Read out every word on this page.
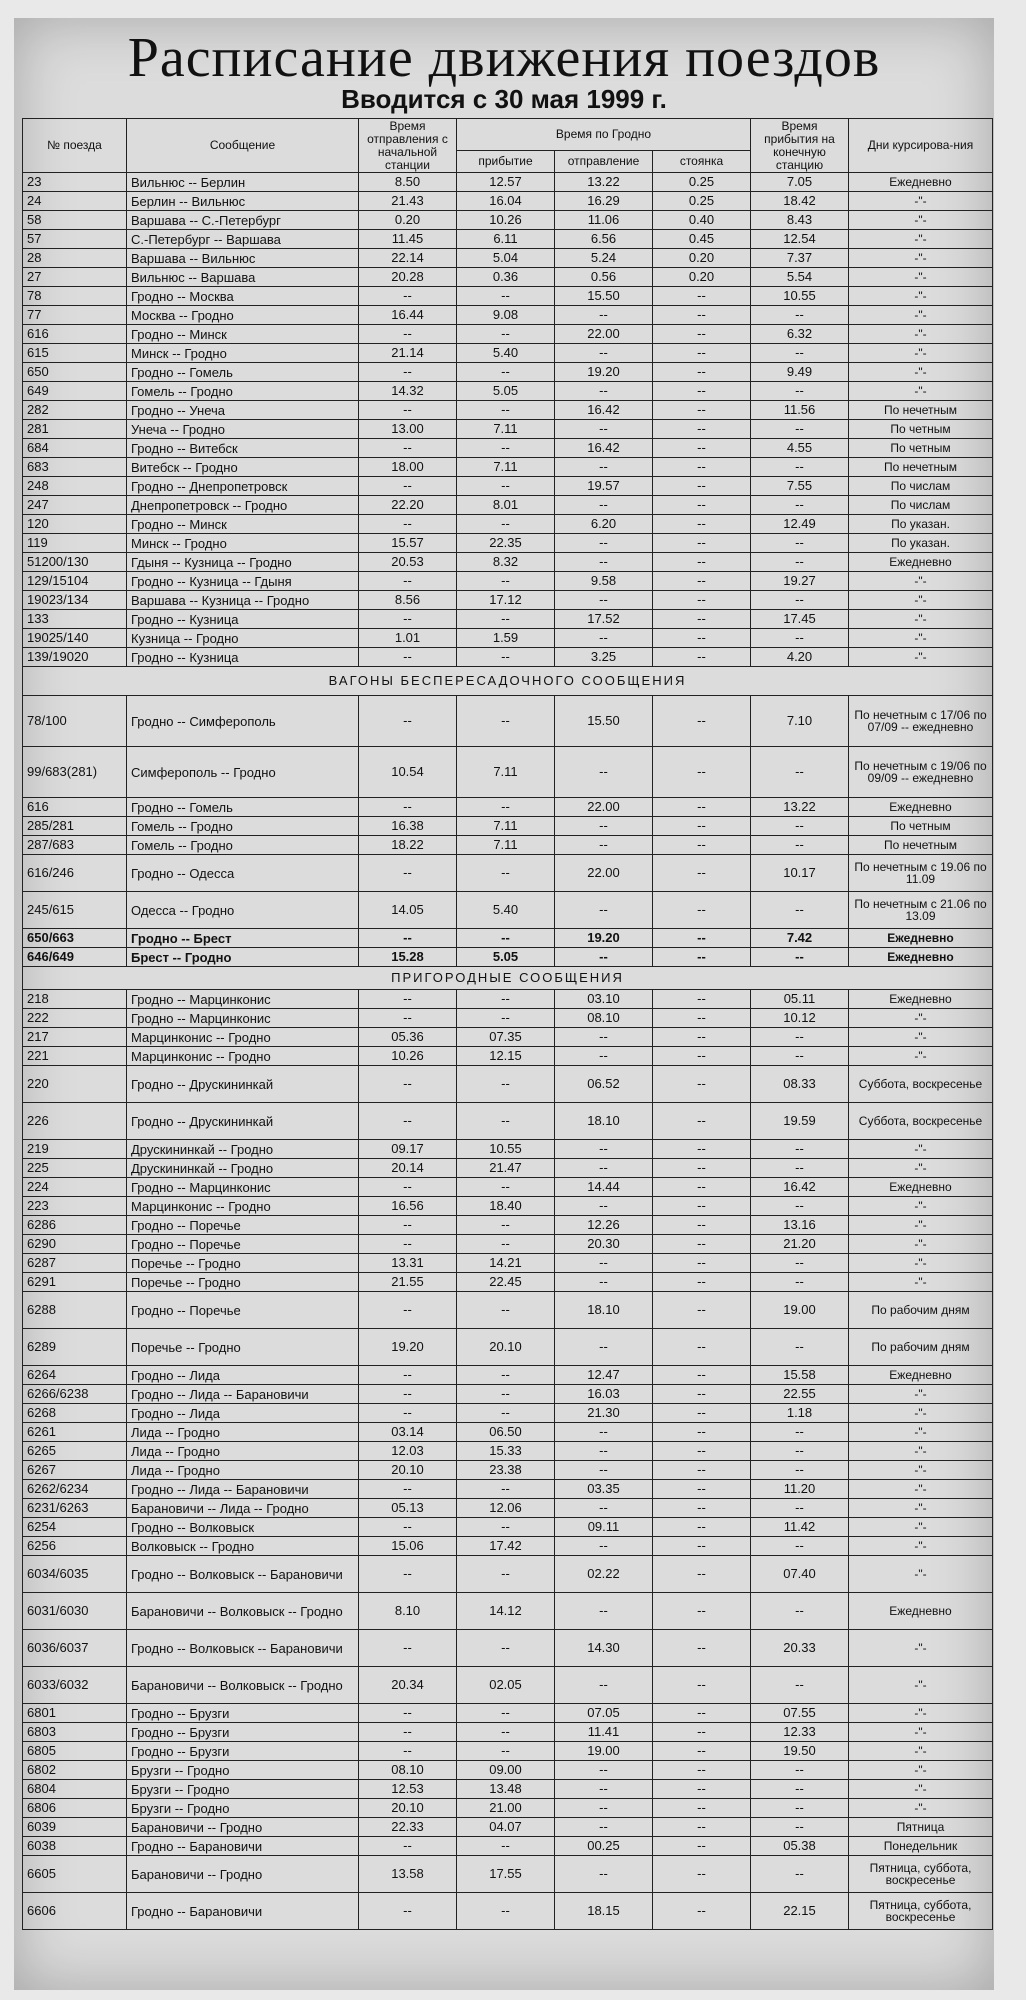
Расписание движения поездов
Вводится с 30 мая 1999 г.
№ поезда	Сообщение	Время отправления с начальной станции	Время по Гродно			Время прибытия на конечную станцию	Дни курсирова-ния
			прибытие	отправление	стоянка		
23	Вильнюс -- Берлин	8.50	12.57	13.22	0.25	7.05	Ежедневно
24	Берлин -- Вильнюс	21.43	16.04	16.29	0.25	18.42	-"-
58	Варшава -- С.-Петербург	0.20	10.26	11.06	0.40	8.43	-"-
57	С.-Петербург -- Варшава	11.45	6.11	6.56	0.45	12.54	-"-
28	Варшава -- Вильнюс	22.14	5.04	5.24	0.20	7.37	-"-
27	Вильнюс -- Варшава	20.28	0.36	0.56	0.20	5.54	-"-
78	Гродно -- Москва	--	--	15.50	--	10.55	-"-
77	Москва -- Гродно	16.44	9.08	--	--	--	-"-
616	Гродно -- Минск	--	--	22.00	--	6.32	-"-
615	Минск -- Гродно	21.14	5.40	--	--	--	-"-
650	Гродно -- Гомель	--	--	19.20	--	9.49	-"-
649	Гомель -- Гродно	14.32	5.05	--	--	--	-"-
282	Гродно -- Унеча	--	--	16.42	--	11.56	По нечетным
281	Унеча -- Гродно	13.00	7.11	--	--	--	По четным
684	Гродно -- Витебск	--	--	16.42	--	4.55	По четным
683	Витебск -- Гродно	18.00	7.11	--	--	--	По нечетным
248	Гродно -- Днепропетровск	--	--	19.57	--	7.55	По числам
247	Днепропетровск -- Гродно	22.20	8.01	--	--	--	По числам
120	Гродно -- Минск	--	--	6.20	--	12.49	По указан.
119	Минск -- Гродно	15.57	22.35	--	--	--	По указан.
51200/130	Гдыня -- Кузница -- Гродно	20.53	8.32	--	--	--	Ежедневно
129/15104	Гродно -- Кузница -- Гдыня	--	--	9.58	--	19.27	-"-
19023/134	Варшава -- Кузница -- Гродно	8.56	17.12	--	--	--	-"-
133	Гродно -- Кузница	--	--	17.52	--	17.45	-"-
19025/140	Кузница -- Гродно	1.01	1.59	--	--	--	-"-
139/19020	Гродно -- Кузница	--	--	3.25	--	4.20	-"-
ВАГОНЫ БЕСПЕРЕСАДОЧНОГО СООБЩЕНИЯ							
78/100	Гродно -- Симферополь	--	--	15.50	--	7.10	По нечетным с 17/06 по 07/09 -- ежедневно
99/683(281)	Симферополь -- Гродно	10.54	7.11	--	--	--	По нечетным с 19/06 по 09/09 -- ежедневно
616	Гродно -- Гомель	--	--	22.00	--	13.22	Ежедневно
285/281	Гомель -- Гродно	16.38	7.11	--	--	--	По четным
287/683	Гомель -- Гродно	18.22	7.11	--	--	--	По нечетным
616/246	Гродно -- Одесса	--	--	22.00	--	10.17	По нечетным с 19.06 по 11.09
245/615	Одесса -- Гродно	14.05	5.40	--	--	--	По нечетным с 21.06 по 13.09
650/663	Гродно -- Брест	--	--	19.20	--	7.42	Ежедневно
646/649	Брест -- Гродно	15.28	5.05	--	--	--	Ежедневно
ПРИГОРОДНЫЕ СООБЩЕНИЯ							
218	Гродно -- Марцинконис	--	--	03.10	--	05.11	Ежедневно
222	Гродно -- Марцинконис	--	--	08.10	--	10.12	-"-
217	Марцинконис -- Гродно	05.36	07.35	--	--	--	-"-
221	Марцинконис -- Гродно	10.26	12.15	--	--	--	-"-
220	Гродно -- Друскининкай	--	--	06.52	--	08.33	Суббота, воскресенье
226	Гродно -- Друскининкай	--	--	18.10	--	19.59	Суббота, воскресенье
219	Друскининкай -- Гродно	09.17	10.55	--	--	--	-"-
225	Друскининкай -- Гродно	20.14	21.47	--	--	--	-"-
224	Гродно -- Марцинконис	--	--	14.44	--	16.42	Ежедневно
223	Марцинконис -- Гродно	16.56	18.40	--	--	--	-"-
6286	Гродно -- Поречье	--	--	12.26	--	13.16	-"-
6290	Гродно -- Поречье	--	--	20.30	--	21.20	-"-
6287	Поречье -- Гродно	13.31	14.21	--	--	--	-"-
6291	Поречье -- Гродно	21.55	22.45	--	--	--	-"-
6288	Гродно -- Поречье	--	--	18.10	--	19.00	По рабочим дням
6289	Поречье -- Гродно	19.20	20.10	--	--	--	По рабочим дням
6264	Гродно -- Лида	--	--	12.47	--	15.58	Ежедневно
6266/6238	Гродно -- Лида -- Барановичи	--	--	16.03	--	22.55	-"-
6268	Гродно -- Лида	--	--	21.30	--	1.18	-"-
6261	Лида -- Гродно	03.14	06.50	--	--	--	-"-
6265	Лида -- Гродно	12.03	15.33	--	--	--	-"-
6267	Лида -- Гродно	20.10	23.38	--	--	--	-"-
6262/6234	Гродно -- Лида -- Барановичи	--	--	03.35	--	11.20	-"-
6231/6263	Барановичи -- Лида -- Гродно	05.13	12.06	--	--	--	-"-
6254	Гродно -- Волковыск	--	--	09.11	--	11.42	-"-
6256	Волковыск -- Гродно	15.06	17.42	--	--	--	-"-
6034/6035	Гродно -- Волковыск -- Барановичи	--	--	02.22	--	07.40	-"-
6031/6030	Барановичи -- Волковыск -- Гродно	8.10	14.12	--	--	--	Ежедневно
6036/6037	Гродно -- Волковыск -- Барановичи	--	--	14.30	--	20.33	-"-
6033/6032	Барановичи -- Волковыск -- Гродно	20.34	02.05	--	--	--	-"-
6801	Гродно -- Брузги	--	--	07.05	--	07.55	-"-
6803	Гродно -- Брузги	--	--	11.41	--	12.33	-"-
6805	Гродно -- Брузги	--	--	19.00	--	19.50	-"-
6802	Брузги -- Гродно	08.10	09.00	--	--	--	-"-
6804	Брузги -- Гродно	12.53	13.48	--	--	--	-"-
6806	Брузги -- Гродно	20.10	21.00	--	--	--	-"-
6039	Барановичи -- Гродно	22.33	04.07	--	--	--	Пятница
6038	Гродно -- Барановичи	--	--	00.25	--	05.38	Понедельник
6605	Барановичи -- Гродно	13.58	17.55	--	--	--	Пятница, суббота, воскресенье
6606	Гродно -- Барановичи	--	--	18.15	--	22.15	Пятница, суббота, воскресенье
